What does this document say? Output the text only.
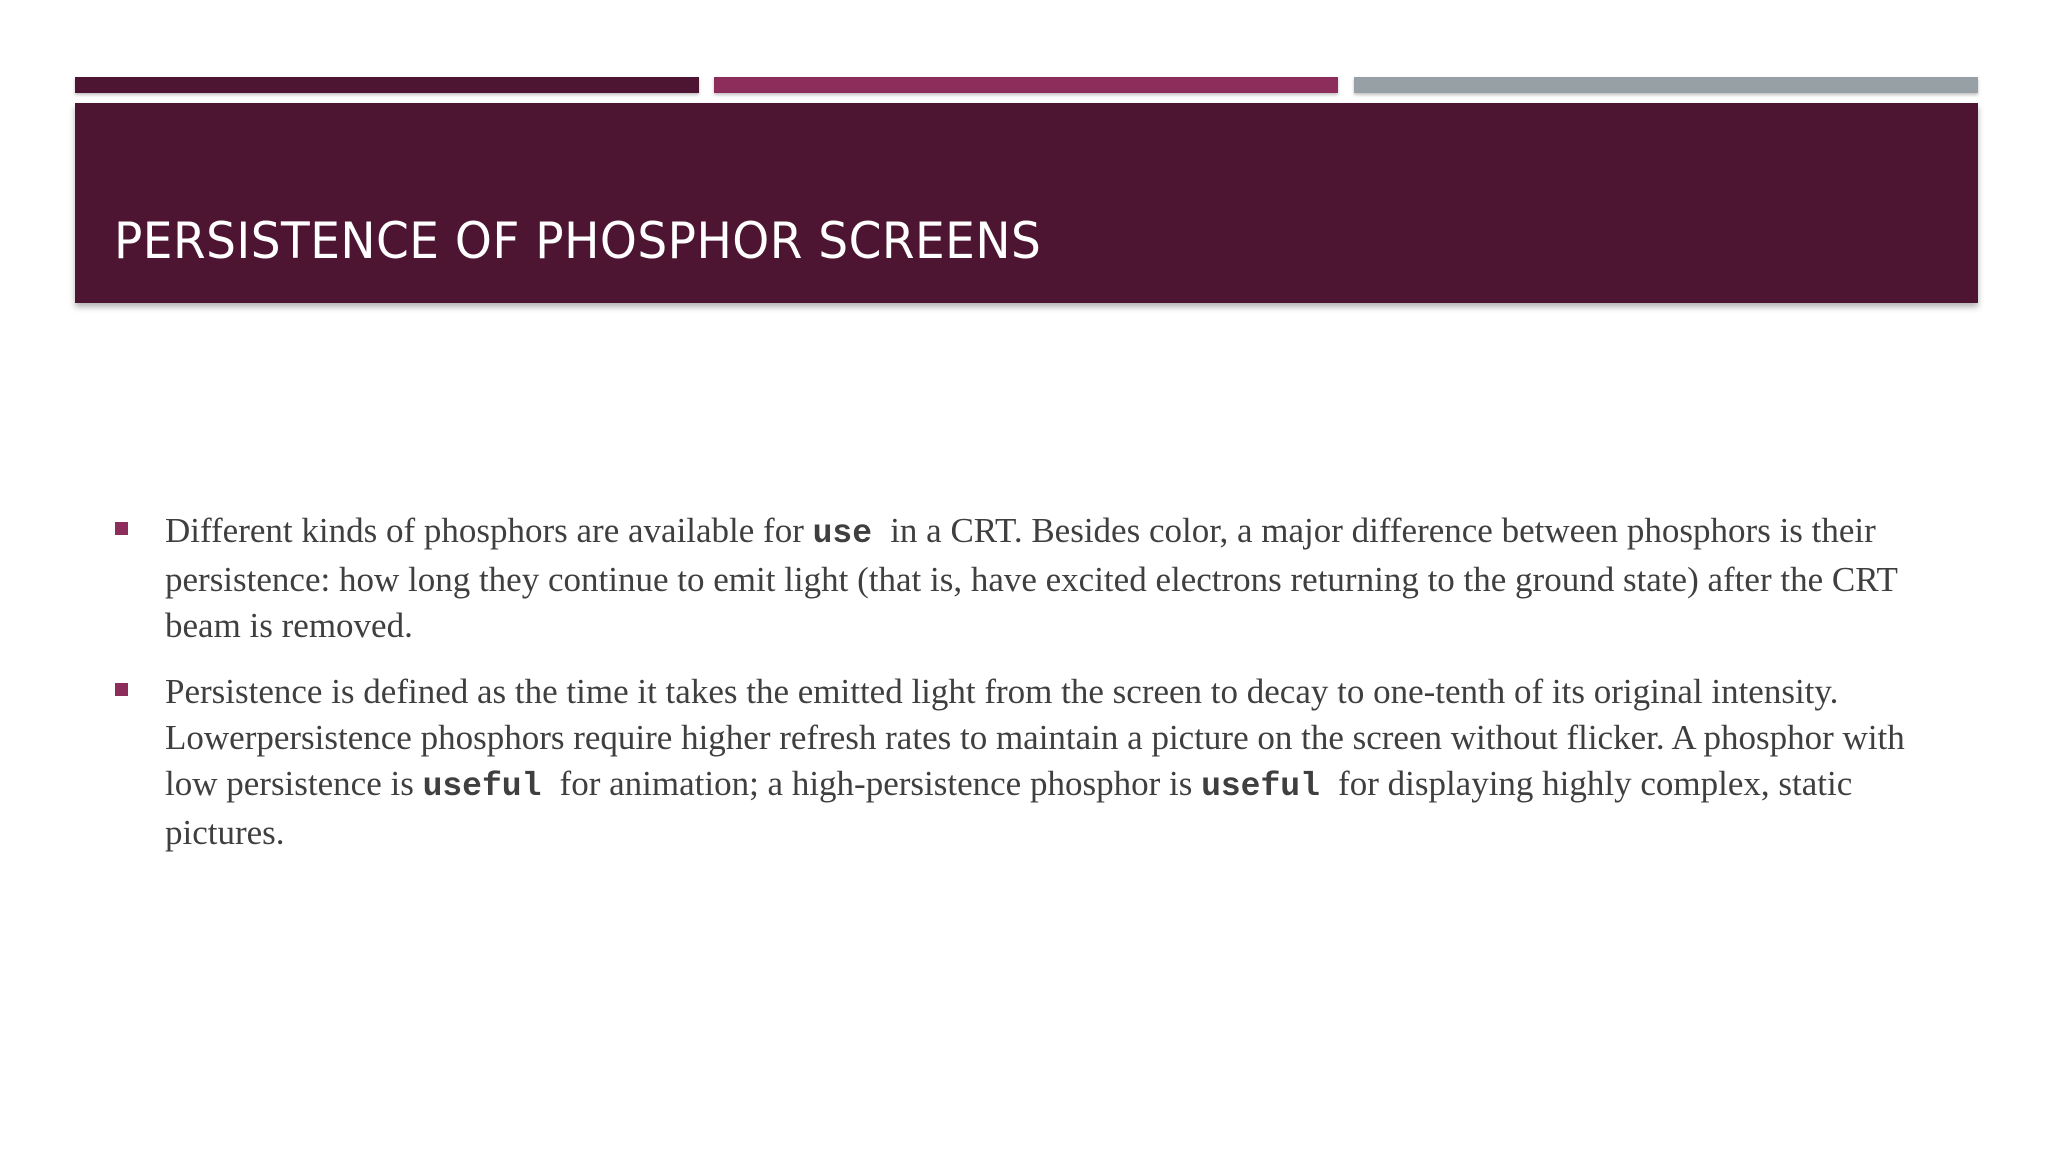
PERSISTENCE OF PHOSPHOR SCREENS
Different kinds of phosphors are available for use in a CRT. Besides color, a major difference between phosphors is their persistence: how long they continue to emit light (that is, have excited electrons returning to the ground state) after the CRT beam is removed.
Persistence is defined as the time it takes the emitted light from the screen to decay to one-tenth of its original intensity. Lowerpersistence phosphors require higher refresh rates to maintain a picture on the screen without flicker. A phosphor with low persistence is useful for animation; a high-persistence phosphor is useful for displaying highly complex, static pictures.
